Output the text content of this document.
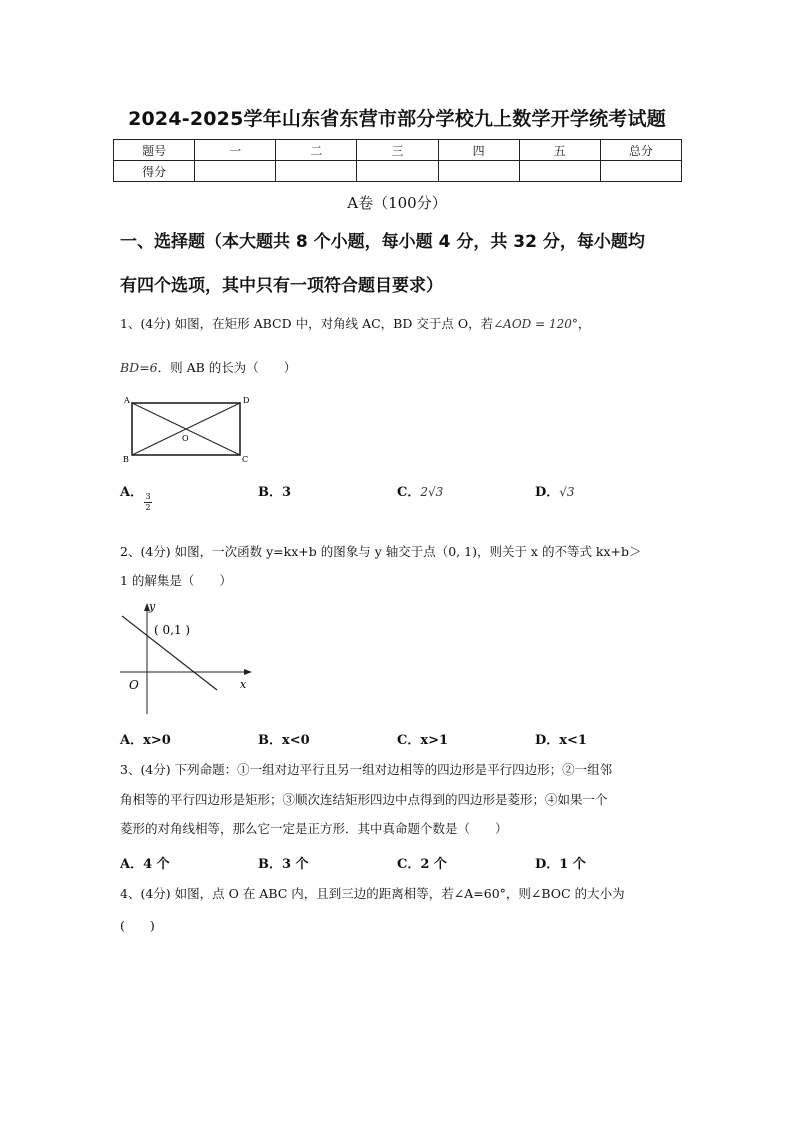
2024-2025学年山东省东营市部分学校九上数学开学统考试题
题号	一	二	三	四	五	总分
得分						
A卷（100分）
一、选择题（本大题共 8 个小题，每小题 4 分，共 32 分，每小题均
有四个选项，其中只有一项符合题目要求）
1、(4分) 如图，在矩形 ABCD 中，对角线 AC，BD 交于点 O，若∠AOD = 120°，
BD=6．则 AB 的长为（　　）
A	D
B	C
O
A． $\frac{3}{2}$	B．3	C．2√3	D．√3
2、(4分) 如图，一次函数 y=kx+b 的图象与 y 轴交于点（0, 1)，则关于 x 的不等式 kx+b＞
1 的解集是（　　）
y
x
O
( 0,1 )
A．x>0	B．x<0	C．x>1	D．x<1
3、(4分) 下列命题：①一组对边平行且另一组对边相等的四边形是平行四边形；②一组邻
角相等的平行四边形是矩形；③顺次连结矩形四边中点得到的四边形是菱形；④如果一个
菱形的对角线相等，那么它一定是正方形．其中真命题个数是（　　）
A．4 个	B．3 个	C．2 个	D．1 个
4、(4分) 如图，点 O 在 ABC 内，且到三边的距离相等，若∠A=60°，则∠BOC 的大小为
(　　)
